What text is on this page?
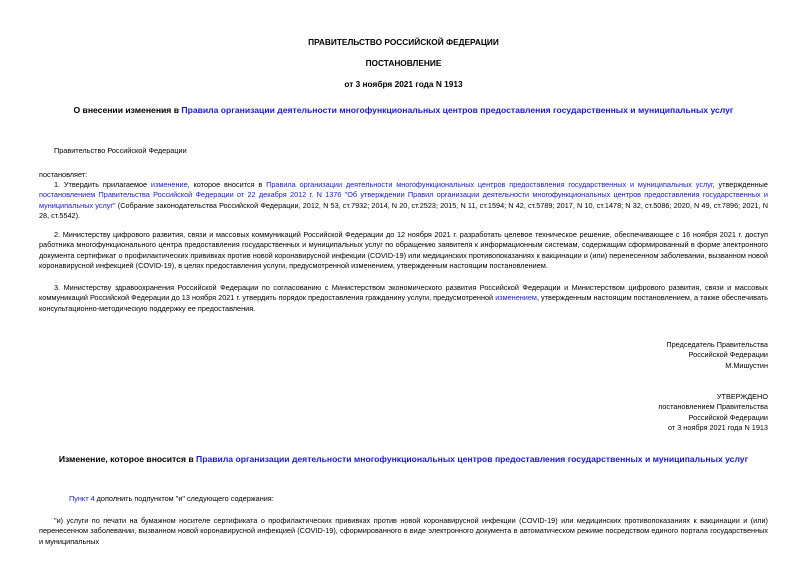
ПРАВИТЕЛЬСТВО РОССИЙСКОЙ ФЕДЕРАЦИИ
ПОСТАНОВЛЕНИЕ
от 3 ноября 2021 года N 1913
О внесении изменения в Правила организации деятельности многофункциональных центров предоставления государственных и муниципальных услуг
Правительство Российской Федерации
постановляет:
1. Утвердить прилагаемое изменение, которое вносится в Правила организации деятельности многофункциональных центров предоставления государственных и муниципальных услуг, утвержденные постановлением Правительства Российской Федерации от 22 декабря 2012 г. N 1376 "Об утверждении Правил организации деятельности многофункциональных центров предоставления государственных и муниципальных услуг" (Собрание законодательства Российской Федерации, 2012, N 53, ст.7932; 2014, N 20, ст.2523; 2015, N 11, ст.1594; N 42, ст.5789; 2017, N 10, ст.1478; N 32, ст.5086; 2020, N 49, ст.7896; 2021, N 28, ст.5542).
2. Министерству цифрового развития, связи и массовых коммуникаций Российской Федерации до 12 ноября 2021 г. разработать целевое техническое решение, обеспечивающее с 16 ноября 2021 г. доступ работника многофункционального центра предоставления государственных и муниципальных услуг по обращению заявителя к информационным системам, содержащим сформированный в форме электронного документа сертификат о профилактических прививках против новой коронавирусной инфекции (COVID-19) или медицинских противопоказаниях к вакцинации и (или) перенесенном заболевании, вызванном новой коронавирусной инфекцией (COVID-19), в целях предоставления услуги, предусмотренной изменением, утвержденным настоящим постановлением.
3. Министерству здравоохранения Российской Федерации по согласованию с Министерством экономического развития Российской Федерации и Министерством цифрового развития, связи и массовых коммуникаций Российской Федерации до 13 ноября 2021 г. утвердить порядок предоставления гражданину услуги, предусмотренной изменением, утвержденным настоящим постановлением, а также обеспечивать консультационно-методическую поддержку ее предоставления.
Председатель Правительства
Российской Федерации
М.Мишустин
УТВЕРЖДЕНО
постановлением Правительства
Российской Федерации
от 3 ноября 2021 года N 1913
Изменение, которое вносится в Правила организации деятельности многофункциональных центров предоставления государственных и муниципальных услуг
Пункт 4 дополнить подпунктом "и" следующего содержания:
"и) услуги по печати на бумажном носителе сертификата о профилактических прививках против новой коронавирусной инфекции (COVID-19) или медицинских противопоказаниях к вакцинации и (или) перенесенном заболевании, вызванном новой коронавирусной инфекцией (COVID-19), сформированного в виде электронного документа в автоматическом режиме посредством единого портала государственных и муниципальных
